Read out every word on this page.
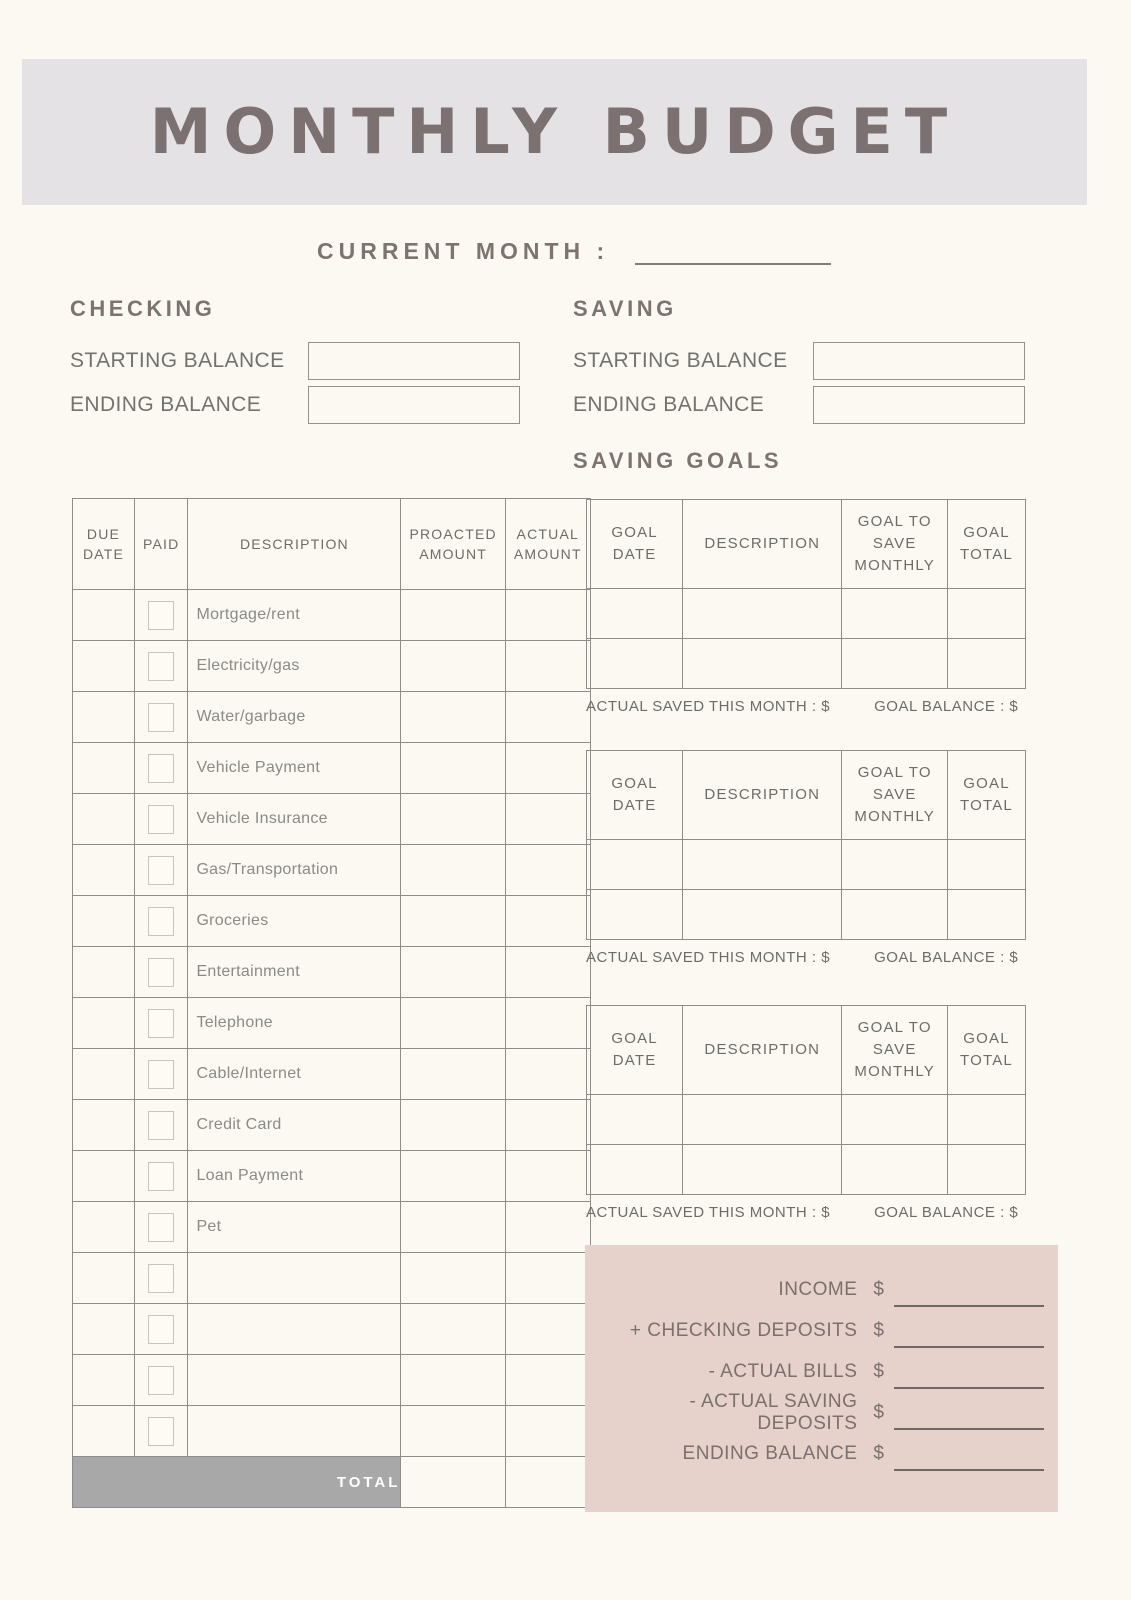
MONTHLY BUDGET
CURRENT MONTH :
CHECKING
STARTING BALANCE
ENDING BALANCE
SAVING
STARTING BALANCE
ENDING BALANCE
SAVING GOALS
DUE DATE	PAID	DESCRIPTION	PROACTED AMOUNT	ACTUAL AMOUNT
		Mortgage/rent		
		Electricity/gas		
		Water/garbage		
		Vehicle Payment		
		Vehicle Insurance		
		Gas/Transportation		
		Groceries		
		Entertainment		
		Telephone		
		Cable/Internet		
		Credit Card		
		Loan Payment		
		Pet		

TOTAL				
GOAL DATE	DESCRIPTION	GOAL TO SAVE MONTHLY	GOAL TOTAL

ACTUAL SAVED THIS MONTH : $	GOAL BALANCE : $
GOAL DATE	DESCRIPTION	GOAL TO SAVE MONTHLY	GOAL TOTAL

ACTUAL SAVED THIS MONTH : $	GOAL BALANCE : $
GOAL DATE	DESCRIPTION	GOAL TO SAVE MONTHLY	GOAL TOTAL

ACTUAL SAVED THIS MONTH : $	GOAL BALANCE : $
INCOME $
+ CHECKING DEPOSITS $
- ACTUAL BILLS $
- ACTUAL SAVING DEPOSITS
$
ENDING BALANCE $
